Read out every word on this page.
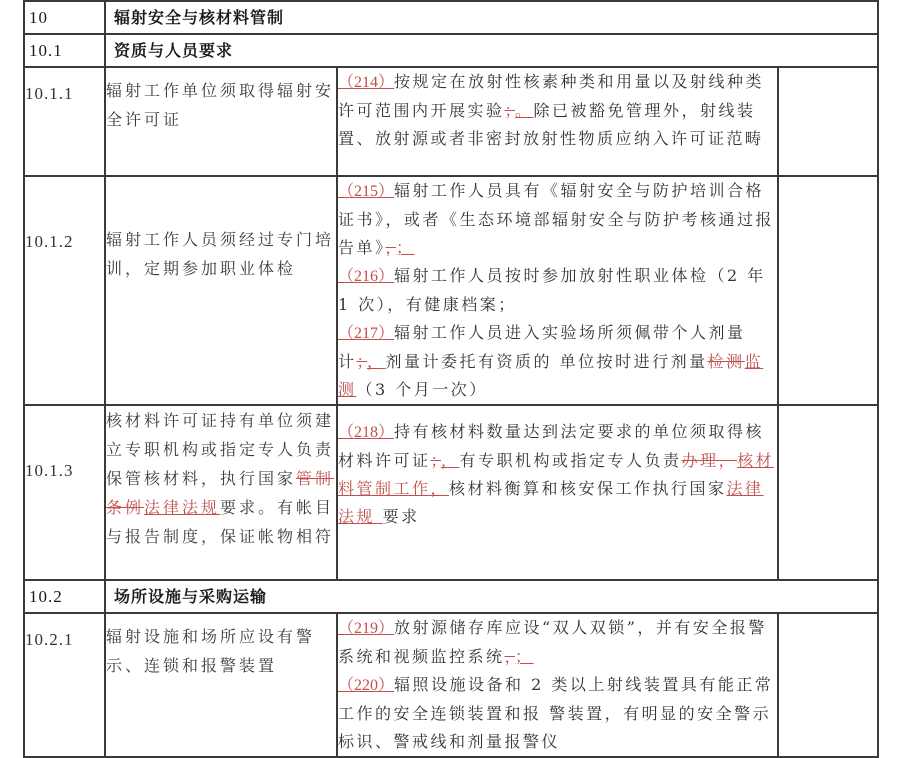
10	辐射安全与核材料管制		
10.1	资质与人员要求		
10.1.1	辐射工作单位须取得辐射安全许可证	（214）按规定在放射性核素种类和用量以及射线种类许可范围内开展实验；。除已被豁免管理外，射线装置、放射源或者非密封放射性物质应纳入许可证范畴	
10.1.2	辐射工作人员须经过专门培训，定期参加职业体检	（215）辐射工作人员具有《辐射安全与防护培训合格证书》，或者《生态环境部辐射安全与防护考核通过报告单》，；
（216）辐射工作人员按时参加放射性职业体检（2 年 1 次），有健康档案；
（217）辐射工作人员进入实验场所须佩带个人剂量计；，剂量计委托有资质的 单位按时进行剂量检测监测（3 个月一次）	

10.1.3	核材料许可证持有单位须建立专职机构或指定专人负责保管核材料，执行国家管制条例法律法规要求。有帐目与报告制度，保证帐物相符	（218）持有核材料数量达到法定要求的单位须取得核材料许可证；，有专职机构或指定专人负责办理，核材料管制工作，核材料衡算和核安保工作执行国家法律法规 要求	
10.2	场所设施与采购运输		
10.2.1	辐射设施和场所应设有警示、连锁和报警装置	（219）放射源储存库应设“双人双锁”，并有安全报警系统和视频监控系统，；
（220）辐照设施设备和 2 类以上射线装置具有能正常工作的安全连锁装置和报 警装置，有明显的安全警示标识、警戒线和剂量报警仪	
